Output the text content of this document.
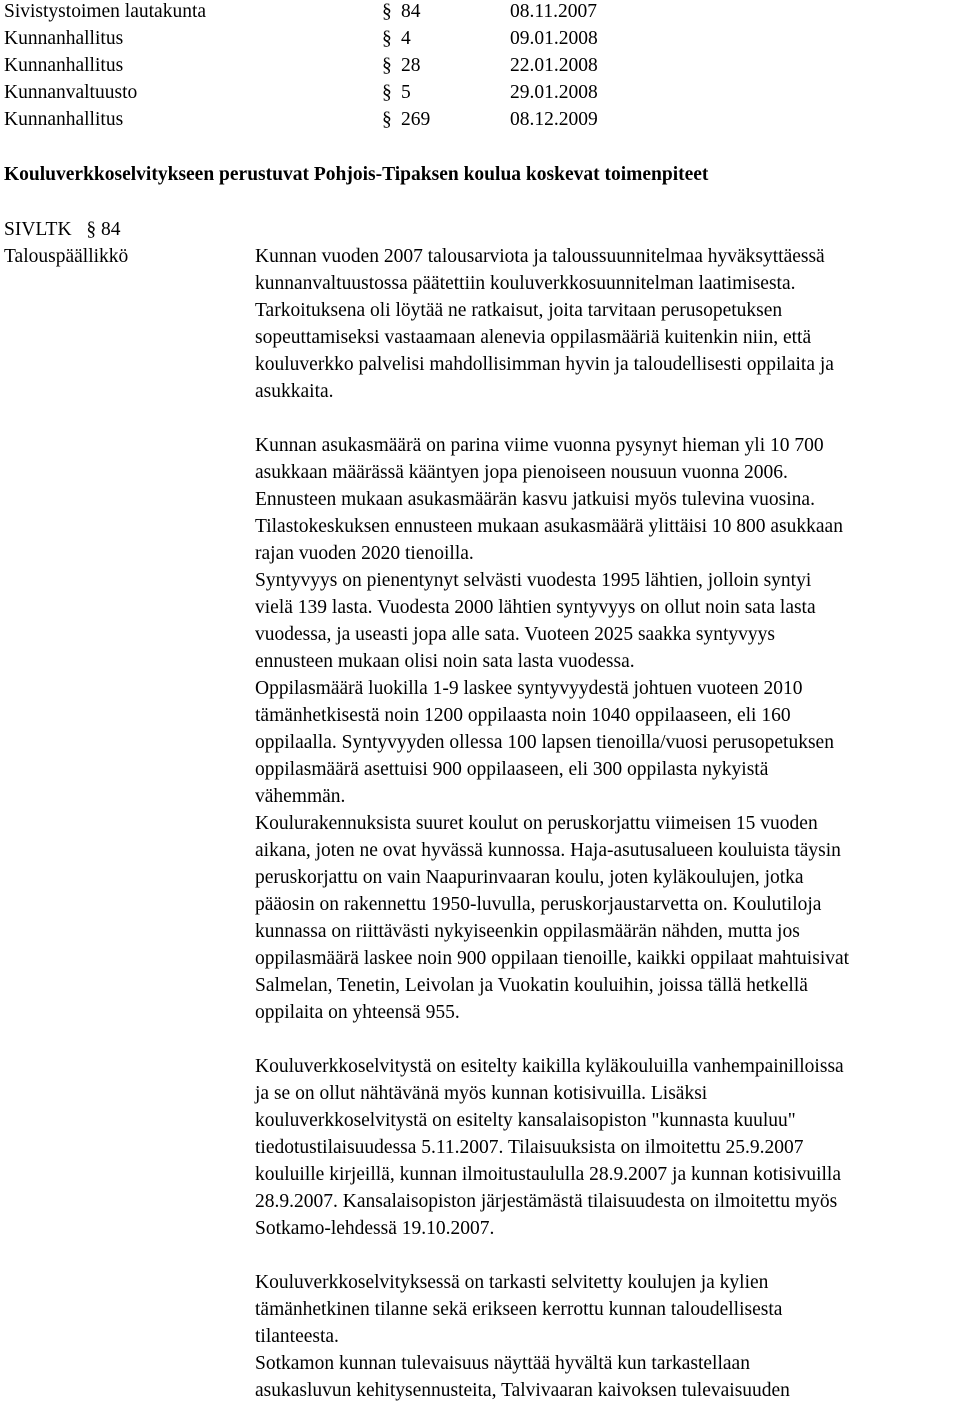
Sivistystoimen lautakunta	§ 84	08.11.2007
Kunnanhallitus	§ 4	09.01.2008
Kunnanhallitus	§ 28	22.01.2008
Kunnanvaltuusto	§ 5	29.01.2008
Kunnanhallitus	§ 269	08.12.2009
Kouluverkkoselvitykseen perustuvat Pohjois-Tipaksen koulua koskevat toimenpiteet
SIVLTK § 84
Talouspäällikkö	Kunnan vuoden 2007 talousarviota ja taloussuunnitelmaa hyväksyttäessä
kunnanvaltuustossa päätettiin kouluverkkosuunnitelman laatimisesta.
Tarkoituksena oli löytää ne ratkaisut, joita tarvitaan perusopetuksen
sopeuttamiseksi vastaamaan alenevia oppilasmääriä kuitenkin niin, että
kouluverkko palvelisi mahdollisimman hyvin ja taloudellisesti oppilaita ja
asukkaita.

Kunnan asukasmäärä on parina viime vuonna pysynyt hieman yli 10 700
asukkaan määrässä kääntyen jopa pienoiseen nousuun vuonna 2006.
Ennusteen mukaan asukasmäärän kasvu jatkuisi myös tulevina vuosina.
Tilastokeskuksen ennusteen mukaan asukasmäärä ylittäisi 10 800 asukkaan
rajan vuoden 2020 tienoilla.
Syntyvyys on pienentynyt selvästi vuodesta 1995 lähtien, jolloin syntyi
vielä 139 lasta. Vuodesta 2000 lähtien syntyvyys on ollut noin sata lasta
vuodessa, ja useasti jopa alle sata. Vuoteen 2025 saakka syntyvyys
ennusteen mukaan olisi noin sata lasta vuodessa.
Oppilasmäärä luokilla 1-9 laskee syntyvyydestä johtuen vuoteen 2010
tämänhetkisestä noin 1200 oppilaasta noin 1040 oppilaaseen, eli 160
oppilaalla. Syntyvyyden ollessa 100 lapsen tienoilla/vuosi perusopetuksen
oppilasmäärä asettuisi 900 oppilaaseen, eli 300 oppilasta nykyistä
vähemmän.
Koulurakennuksista suuret koulut on peruskorjattu viimeisen 15 vuoden
aikana, joten ne ovat hyvässä kunnossa. Haja-asutusalueen kouluista täysin
peruskorjattu on vain Naapurinvaaran koulu, joten kyläkoulujen, jotka
pääosin on rakennettu 1950-luvulla, peruskorjaustarvetta on. Koulutiloja
kunnassa on riittävästi nykyiseenkin oppilasmäärän nähden, mutta jos
oppilasmäärä laskee noin 900 oppilaan tienoille, kaikki oppilaat mahtuisivat
Salmelan, Tenetin, Leivolan ja Vuokatin kouluihin, joissa tällä hetkellä
oppilaita on yhteensä 955.

Kouluverkkoselvitystä on esitelty kaikilla kyläkouluilla vanhempainilloissa
ja se on ollut nähtävänä myös kunnan kotisivuilla. Lisäksi
kouluverkkoselvitystä on esitelty kansalaisopiston "kunnasta kuuluu"
tiedotustilaisuudessa 5.11.2007. Tilaisuuksista on ilmoitettu 25.9.2007
kouluille kirjeillä, kunnan ilmoitustaululla 28.9.2007 ja kunnan kotisivuilla
28.9.2007. Kansalaisopiston järjestämästä tilaisuudesta on ilmoitettu myös
Sotkamo-lehdessä 19.10.2007.

Kouluverkkoselvityksessä on tarkasti selvitetty koulujen ja kylien
tämänhetkinen tilanne sekä erikseen kerrottu kunnan taloudellisesta
tilanteesta.
Sotkamon kunnan tulevaisuus näyttää hyvältä kun tarkastellaan
asukasluvun kehitysennusteita, Talvivaaran kaivoksen tulevaisuuden
